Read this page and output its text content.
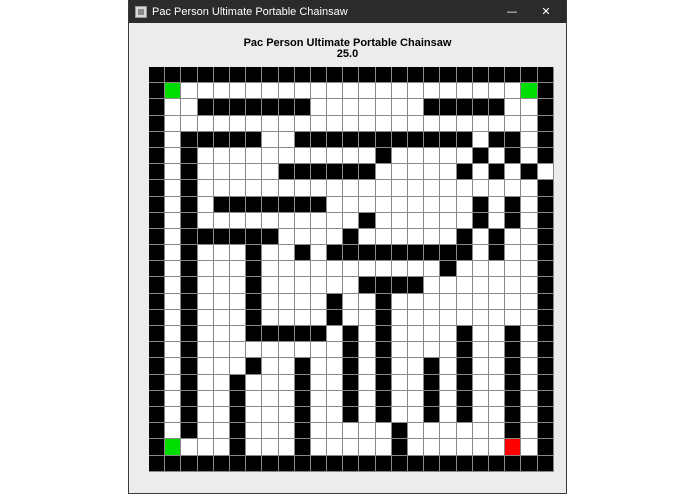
Pac Person Ultimate Portable Chainsaw	—	✕
Pac Person Ultimate Portable Chainsaw
25.0
